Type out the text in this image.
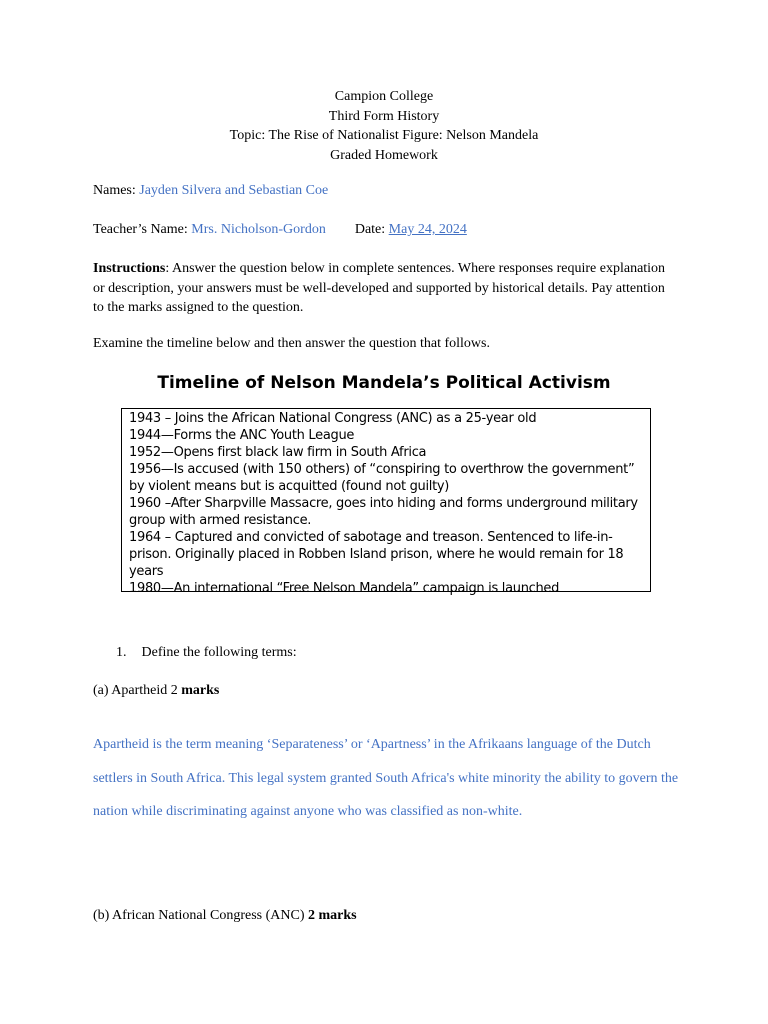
Campion College
Third Form History
Topic: The Rise of Nationalist Figure: Nelson Mandela
Graded Homework
Names: Jayden Silvera and Sebastian Coe
Teacher’s Name: Mrs. Nicholson-Gordon Date: May 24, 2024
Instructions: Answer the question below in complete sentences. Where responses require explanation or description, your answers must be well-developed and supported by historical details. Pay attention to the marks assigned to the question.
Examine the timeline below and then answer the question that follows.
Timeline of Nelson Mandela’s Political Activism
1943 – Joins the African National Congress (ANC) as a 25-year old
1944—Forms the ANC Youth League
1952—Opens first black law firm in South Africa
1956—Is accused (with 150 others) of “conspiring to overthrow the government” by violent means but is acquitted (found not guilty)
1960 –After Sharpville Massacre, goes into hiding and forms underground military group with armed resistance.
1964 – Captured and convicted of sabotage and treason. Sentenced to life-in-prison. Originally placed in Robben Island prison, where he would remain for 18 years
1980—An international “Free Nelson Mandela” campaign is launched
1. Define the following terms:
(a) Apartheid 2 marks
Apartheid is the term meaning ‘Separateness’ or ‘Apartness’ in the Afrikaans language of the Dutch settlers in South Africa. This legal system granted South Africa's white minority the ability to govern the nation while discriminating against anyone who was classified as non-white.
(b) African National Congress (ANC) 2 marks
